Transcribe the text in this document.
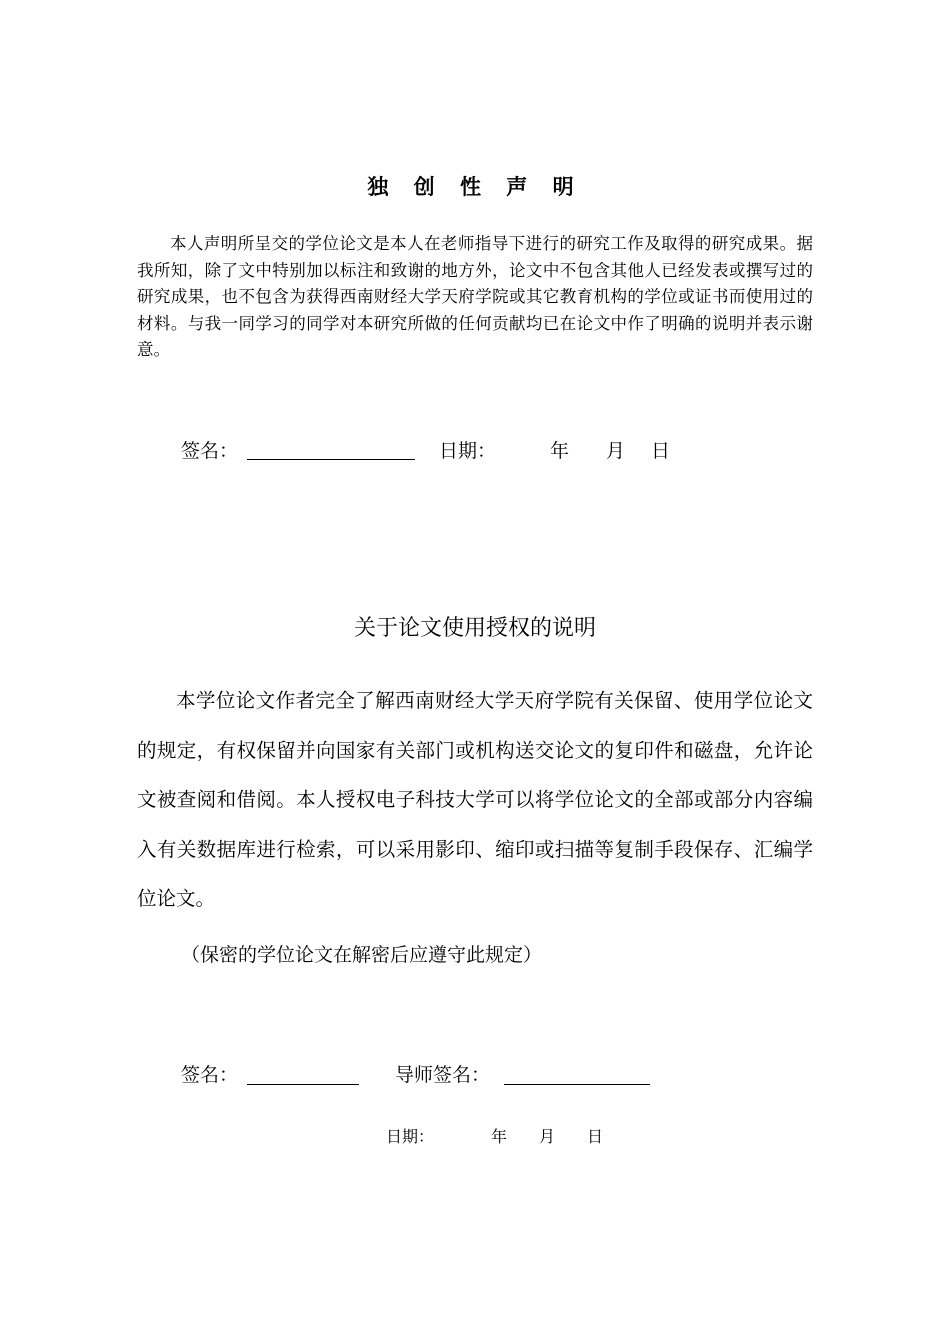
独 创 性 声 明

本人声明所呈交的学位论文是本人在老师指导下进行的研究工作及取得的研究成果。据我所知，除了文中特别加以标注和致谢的地方外，论文中不包含其他人已经发表或撰写过的研究成果，也不包含为获得西南财经大学天府学院或其它教育机构的学位或证书而使用过的材料。与我一同学习的同学对本研究所做的任何贡献均已在论文中作了明确的说明并表示谢意。

签名：	日期：	年 月 日
关于论文使用授权的说明

本学位论文作者完全了解西南财经大学天府学院有关保留、使用学位论文的规定，有权保留并向国家有关部门或机构送交论文的复印件和磁盘，允许论文被查阅和借阅。本人授权电子科技大学可以将学位论文的全部或部分内容编入有关数据库进行检索，可以采用影印、缩印或扫描等复制手段保存、汇编学位论文。

（保密的学位论文在解密后应遵守此规定）
签名：	导师签名：
日期：	年 月 日
